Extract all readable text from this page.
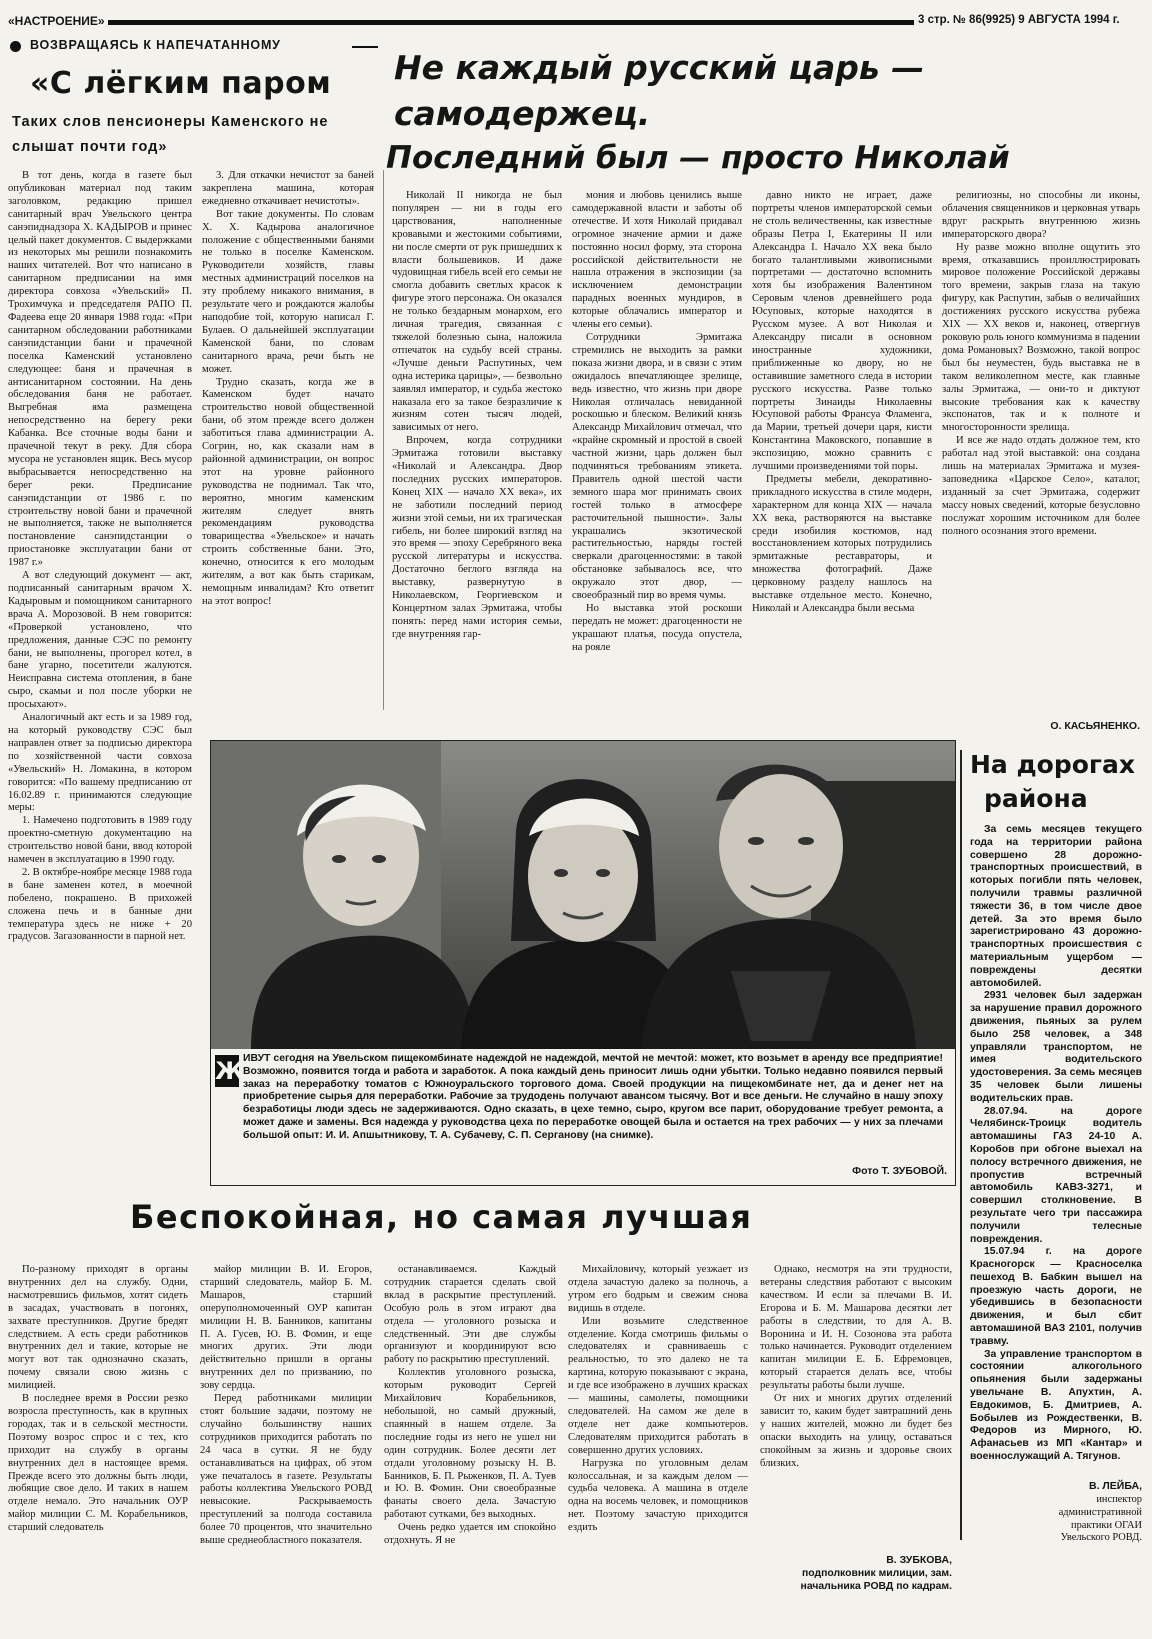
«НАСТРОЕНИЕ»	3 стр. № 86(9925) 9 АВГУСТА 1994 г.
ВОЗВРАЩАЯСЬ К НАПЕЧАТАННОМУ
«С лёгким паром
Таких слов пенсионеры Каменского не слышат почти год»

В тот день, когда в газете был опубликован материал под таким заголовком, редакцию пришел санитарный врач Увельского центра санэпиднадзора Х. КАДЫРОВ и принес целый пакет документов. С выдержками из некоторых мы решили познакомить наших читателей. Вот что написано в санитарном предписании на имя директора совхоза «Увельский» П. Трохимчука и председателя РАПО П. Фадеева еще 20 января 1988 года: «При санитарном обследовании работниками санэпидстанции бани и прачечной поселка Каменский установлено следующее: баня и прачечная в антисанитарном состоянии. На день обследования баня не работает. Выгребная яма размещена непосредственно на берегу реки Кабанка. Все сточные воды бани и прачечной текут в реку. Для сбора мусора не установлен ящик. Весь мусор выбрасывается непосредственно на берег реки. Предписание санэпидстанции от 1986 г. по строительству новой бани и прачечной не выполняется, также не выполняется постановление санэпидстанции о приостановке эксплуатации бани от 1987 г.»

А вот следующий документ — акт, подписанный санитарным врачом Х. Кадыровым и помощником санитарного врача А. Морозовой. В нем говорится: «Проверкой установлено, что предложения, данные СЭС по ремонту бани, не выполнены, прогорел котел, в бане угарно, посетители жалуются. Неисправна система отопления, в бане сыро, скамьи и пол после уборки не просыхают».

Аналогичный акт есть и за 1989 год, на который руководству СЭС был направлен ответ за подписью директора по хозяйственной части совхоза «Увельский» Н. Ломакина, в котором говорится: «По вашему предписанию от 16.02.89 г. принимаются следующие меры:

1. Намечено подготовить в 1989 году проектно-сметную документацию на строительство новой бани, ввод которой намечен в эксплуатацию в 1990 году.

2. В октябре-ноябре месяце 1988 года в бане заменен котел, в моечной побелено, покрашено. В прихожей сложена печь и в банные дни температура здесь не ниже + 20 градусов. Загазованности в парной нет.

3. Для откачки нечистот за баней закреплена машина, которая ежедневно откачивает нечистоты».

Вот такие документы. По словам Х. Х. Кадырова аналогичное положение с общественными банями не только в поселке Каменском. Руководители хозяйств, главы местных администраций поселков на эту проблему никакого внимания, в результате чего и рождаются жалобы наподобие той, которую написал Г. Булаев. О дальнейшей эксплуатации Каменской бани, по словам санитарного врача, речи быть не может.

Трудно сказать, когда же в Каменском будет начато строительство новой общественной бани, об этом прежде всего должен заботиться глава администрации А. Согрин, но, как сказали нам в районной администрации, он вопрос этот на уровне районного руководства не поднимал. Так что, вероятно, многим каменским жителям следует внять рекомендациям руководства товарищества «Увельское» и начать строить собственные бани. Это, конечно, относится к его молодым жителям, а вот как быть старикам, немощным инвалидам? Кто ответит на этот вопрос!

Не каждый русский царь —
самодержец.
Последний был — просто Николай

Николай II никогда не был популярен — ни в годы его царствования, наполненные кровавыми и жестокими событиями, ни после смерти от рук пришедших к власти большевиков. И даже чудовищная гибель всей его семьи не смогла добавить светлых красок к фигуре этого персонажа. Он оказался не только бездарным монархом, его личная трагедия, связанная с тяжелой болезнью сына, наложила отпечаток на судьбу всей страны. «Лучше деньги Распутиных, чем одна истерика царицы», — безвольно заявлял император, и судьба жестоко наказала его за такое безразличие к жизням сотен тысяч людей, зависимых от него.

Впрочем, когда сотрудники Эрмитажа готовили выставку «Николай и Александра. Двор последних русских императоров. Конец XIX — начало XX века», их не заботили последний период жизни этой семьи, ни их трагическая гибель, ни более широкий взгляд на это время — эпоху Серебряного века русской литературы и искусства. Достаточно беглого взгляда на выставку, развернутую в Николаевском, Георгиевском и Концертном залах Эрмитажа, чтобы понять: перед нами история семьи, где внутренняя гар-

мония и любовь ценились выше самодержавной власти и заботы об отечестве. И хотя Николай придавал огромное значение армии и даже постоянно носил форму, эта сторона российской действительности не нашла отражения в экспозиции (за исключением демонстрации парадных военных мундиров, в которые облачались император и члены его семьи).

Сотрудники Эрмитажа стремились не выходить за рамки показа жизни двора, и в связи с этим ожидалось впечатляющее зрелище, ведь известно, что жизнь при дворе Николая отличалась невиданной роскошью и блеском. Великий князь Александр Михайлович отмечал, что «крайне скромный и простой в своей частной жизни, царь должен был подчиняться требованиям этикета. Правитель одной шестой части земного шара мог принимать своих гостей только в атмосфере расточительной пышности». Залы украшались экзотической растительностью, наряды гостей сверкали драгоценностями: в такой обстановке забывалось все, что окружало этот двор, — своеобразный пир во время чумы.

Но выставка этой роскоши передать не может: драгоценности не украшают платья, посуда опустела, на рояле

давно никто не играет, даже портреты членов императорской семьи не столь величественны, как известные образы Петра I, Екатерины II или Александра I. Начало XX века было богато талантливыми живописными портретами — достаточно вспомнить хотя бы изображения Валентином Серовым членов древнейшего рода Юсуповых, которые находятся в Русском музее. А вот Николая и Александру писали в основном иностранные художники, приближенные ко двору, но не оставившие заметного следа в истории русского искусства. Разве только портреты Зинаиды Николаевны Юсуповой работы Франсуа Фламенга, да Марии, третьей дочери царя, кисти Константина Маковского, попавшие в экспозицию, можно сравнить с лучшими произведениями той поры.

Предметы мебели, декоративно-прикладного искусства в стиле модерн, характерном для конца XIX — начала XX века, растворяются на выставке среди изобилия костюмов, над восстановлением которых потрудились эрмитажные реставраторы, и множества фотографий. Даже церковному разделу нашлось на выставке отдельное место. Конечно, Николай и Александра были весьма

религиозны, но способны ли иконы, облачения священников и церковная утварь вдруг раскрыть внутреннюю жизнь императорского двора?

Ну разве можно вполне ощутить это время, отказавшись проиллюстрировать мировое положение Российской державы того времени, закрыв глаза на такую фигуру, как Распутин, забыв о величайших достижениях русского искусства рубежа XIX — XX веков и, наконец, отвергнув роковую роль юного коммунизма в падении дома Романовых? Возможно, такой вопрос был бы неуместен, будь выставка не в таком великолепном месте, как главные залы Эрмитажа, — они-то и диктуют высокие требования как к качеству экспонатов, так и к полноте и многосторонности зрелища.

И все же надо отдать должное тем, кто работал над этой выставкой: она создана лишь на материалах Эрмитажа и музея-заповедника «Царское Село», каталог, изданный за счет Эрмитажа, содержит массу новых сведений, которые безусловно послужат хорошим источником для более полного осознания этого времени.

О. КАСЬЯНЕНКО.
Ж
ИВУТ сегодня на Увельском пищекомбинате надеждой не надеждой, мечтой не мечтой: может, кто возьмет в аренду все предприятие! Возможно, появится тогда и работа и заработок. А пока каждый день приносит лишь одни убытки. Только недавно появился первый заказ на переработку томатов с Южноуральского торгового дома. Своей продукции на пищекомбинате нет, да и денег нет на приобретение сырья для переработки. Рабочие за трудодень получают авансом тысячу. Вот и все деньги. Не случайно в нашу эпоху безработицы люди здесь не задерживаются. Одно сказать, в цехе темно, сыро, кругом все парит, оборудование требует ремонта, а может даже и замены. Вся надежда у руководства цеха по переработке овощей была и остается на трех рабочих — у них за плечами большой опыт: И. И. Апшытникову, Т. А. Субачеву, С. П. Серганову (на снимке).
Фото Т. ЗУБОВОЙ.
На дорогах
района

За семь месяцев текущего года на территории района совершено 28 дорожно-транспортных происшествий, в которых погибли пять человек, получили травмы различной тяжести 36, в том числе двое детей. За это время было зарегистрировано 43 дорожно-транспортных происшествия с материальным ущербом — повреждены десятки автомобилей.

2931 человек был задержан за нарушение правил дорожного движения, пьяных за рулем было 258 человек, а 348 управляли транспортом, не имея водительского удостоверения. За семь месяцев 35 человек были лишены водительских прав.

28.07.94. на дороге Челябинск-Троицк водитель автомашины ГАЗ 24-10 А. Коробов при обгоне выехал на полосу встречного движения, не пропустив встречный автомобиль КАВЗ-3271, и совершил столкновение. В результате чего три пассажира получили телесные повреждения.

15.07.94 г. на дороге Красногорск — Красноселка пешеход В. Бабкин вышел на проезжую часть дороги, не убедившись в безопасности движения, и был сбит автомашиной ВАЗ 2101, получив травму.

За управление транспортом в состоянии алкогольного опьянения были задержаны увельчане В. Апухтин, А. Евдокимов, Б. Дмитриев, А. Бобылев из Рождественки, В. Федоров из Мирного, Ю. Афанасьев из МП «Кантар» и военнослужащий А. Тягунов.

В. ЛЕЙБА,
инспектор административной практики ОГАИ Увельского РОВД.
Беспокойная, но самая лучшая

По-разному приходят в органы внутренних дел на службу. Одни, насмотревшись фильмов, хотят сидеть в засадах, участвовать в погонях, захвате преступников. Другие бредят следствием. А есть среди работников внутренних дел и такие, которые не могут вот так однозначно сказать, почему связали свою жизнь с милицией.

В последнее время в России резко возросла преступность, как в крупных городах, так и в сельской местности. Поэтому возрос спрос и с тех, кто приходит на службу в органы внутренних дел в настоящее время. Прежде всего это должны быть люди, любящие свое дело. И таких в нашем отделе немало. Это начальник ОУР майор милиции С. М. Корабельников, старший следователь

майор милиции В. И. Егоров, старший следователь, майор Б. М. Машаров, старший оперуполномоченный ОУР капитан милиции Н. В. Банников, капитаны П. А. Гусев, Ю. В. Фомин, и еще многих других. Эти люди действительно пришли в органы внутренних дел по призванию, по зову сердца.

Перед работниками милиции стоят большие задачи, поэтому не случайно большинству наших сотрудников приходится работать по 24 часа в сутки. Я не буду останавливаться на цифрах, об этом уже печаталось в газете. Результаты работы коллектива Увельского РОВД невысокие. Раскрываемость преступлений за полгода составила более 70 процентов, что значительно выше среднеобластного показателя.

останавливаемся. Каждый сотрудник старается сделать свой вклад в раскрытие преступлений. Особую роль в этом играют два отдела — уголовного розыска и следственный. Эти две службы организуют и координируют всю работу по раскрытию преступлений.

Коллектив уголовного розыска, которым руководит Сергей Михайлович Корабельников, небольшой, но самый дружный, спаянный в нашем отделе. За последние годы из него не ушел ни один сотрудник. Более десяти лет отдали уголовному розыску Н. В. Банников, Б. П. Рыженков, П. А. Туев и Ю. В. Фомин. Они своеобразные фанаты своего дела. Зачастую работают сутками, без выходных.

Очень редко удается им спокойно отдохнуть. Я не

Михайловичу, который уезжает из отдела зачастую далеко за полночь, а утром его бодрым и свежим снова видишь в отделе.

Или возьмите следственное отделение. Когда смотришь фильмы о следователях и сравниваешь с реальностью, то это далеко не та картина, которую показывают с экрана, и где все изображено в лучших красках — машины, самолеты, помощники следователей. На самом же деле в отделе нет даже компьютеров. Следователям приходится работать в совершенно других условиях.

Нагрузка по уголовным делам колоссальная, и за каждым делом — судьба человека. А машина в отделе одна на восемь человек, и помощников нет. Поэтому зачастую приходится ездить

Однако, несмотря на эти трудности, ветераны следствия работают с высоким качеством. И если за плечами В. И. Егорова и Б. М. Машарова десятки лет работы в следствии, то для А. В. Воронина и И. Н. Созонова эта работа только начинается. Руководит отделением капитан милиции Е. Б. Ефремовцев, который старается делать все, чтобы результаты работы были лучше.

От них и многих других отделений зависит то, каким будет завтрашний день у наших жителей, можно ли будет без опаски выходить на улицу, оставаться спокойным за жизнь и здоровье своих близких.

В. ЗУБКОВА,
подполковник милиции, зам. начальника РОВД по кадрам.
